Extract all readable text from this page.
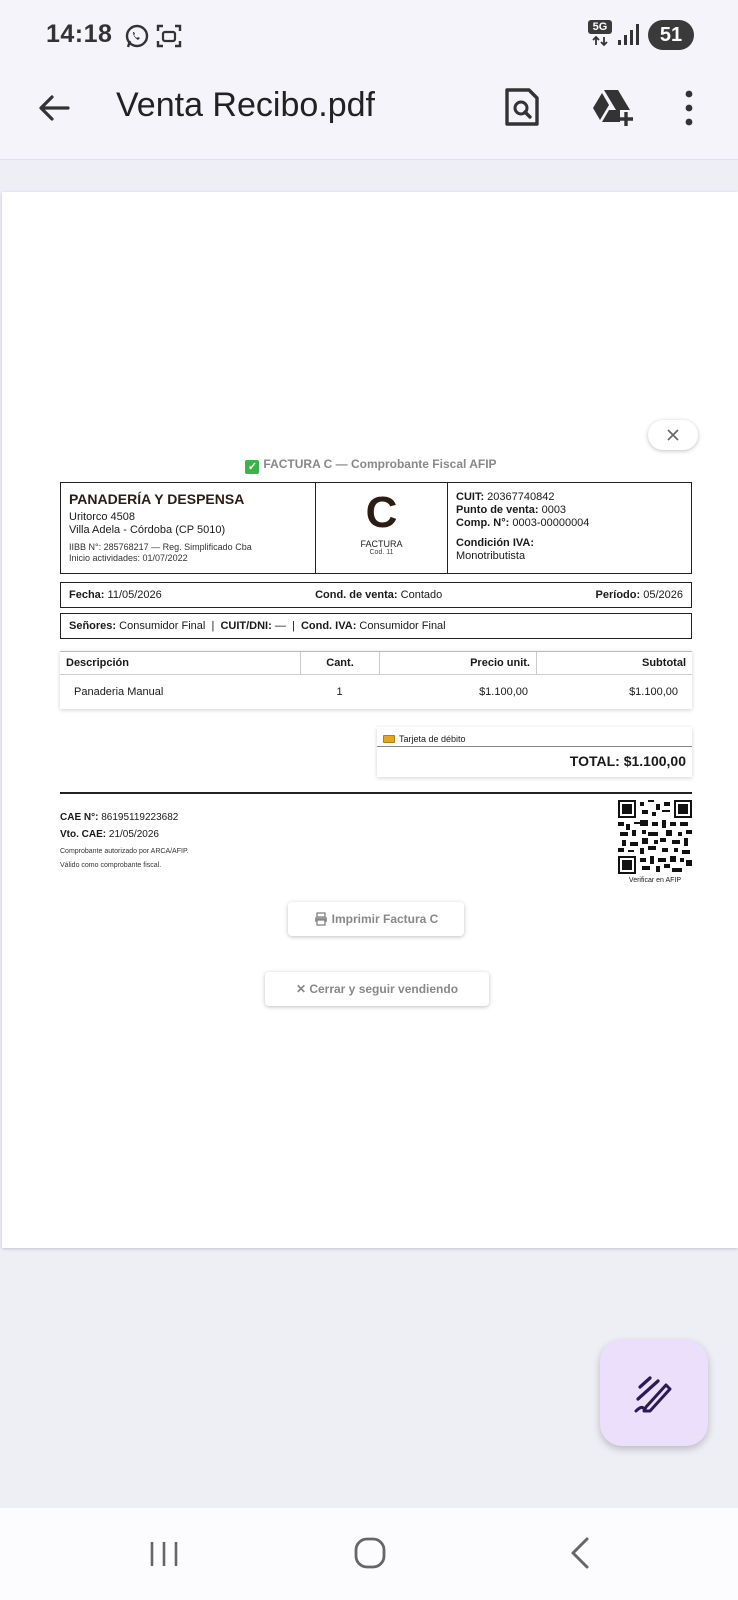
14:18	5G	51
Venta Recibo.pdf
✓ FACTURA C — Comprobante Fiscal AFIP
PANADERÍA Y DESPENSA
Uritorco 4508
Villa Adela - Córdoba (CP 5010)
IIBB N°: 285768217 — Reg. Simplificado Cba
Inicio actividades: 01/07/2022
C
FACTURA
Cod. 11
CUIT: 20367740842
Punto de venta: 0003
Comp. N°: 0003-00000004
Condición IVA:
Monotributista
Fecha: 11/05/2026	Cond. de venta: Contado	Período: 05/2026
Señores:
Consumidor Final
|
CUIT/DNI:
—
|
Cond. IVA:
Consumidor Final
Descripción	Cant.	Precio unit.	Subtotal
Panaderia Manual	1	$1.100,00	$1.100,00
Tarjeta de débito
TOTAL: $1.100,00
CAE N°: 86195119223682
Vto. CAE: 21/05/2026
Comprobante autorizado por ARCA/AFIP.
Válido como comprobante fiscal.
Verificar en AFIP
Imprimir Factura C
✕ Cerrar y seguir vendiendo
